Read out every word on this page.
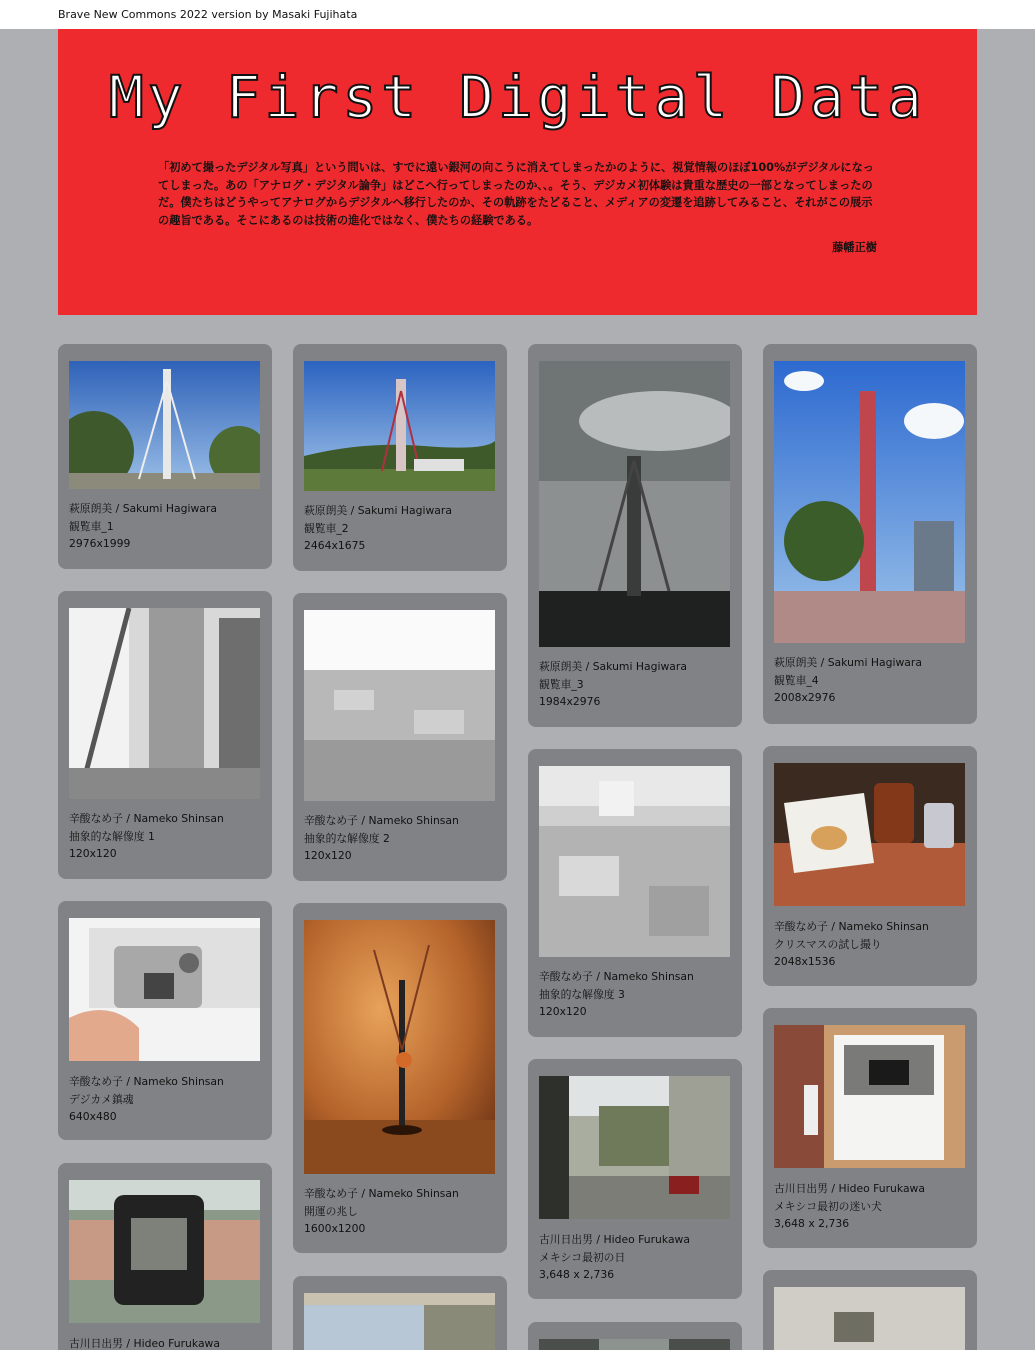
Brave New Commons 2022 version by Masaki Fujihata
My First Digital Data

「初めて撮ったデジタル写真」という問いは、すでに遠い銀河の向こうに消えてしまったかのように、視覚情報のほぼ100%がデジタルになってしまった。あの「アナログ・デジタル論争」はどこへ行ってしまったのか、、。そう、デジカメ初体験は貴重な歴史の一部となってしまったのだ。僕たちはどうやってアナログからデジタルへ移行したのか、その軌跡をたどること、メディアの変遷を追跡してみること、それがこの展示の趣旨である。そこにあるのは技術の進化ではなく、僕たちの経験である。

藤幡正樹
萩原朗美 / Sakumi Hagiwara
観覧車_1
2976x1999
辛酸なめ子 / Nameko Shinsan
抽象的な解像度 1
120x120
辛酸なめ子 / Nameko Shinsan
デジカメ鎮魂
640x480
古川日出男 / Hideo Furukawa
萩原朗美 / Sakumi Hagiwara
観覧車_2
2464x1675
辛酸なめ子 / Nameko Shinsan
抽象的な解像度 2
120x120
辛酸なめ子 / Nameko Shinsan
開運の兆し
1600x1200
萩原朗美 / Sakumi Hagiwara
観覧車_3
1984x2976
辛酸なめ子 / Nameko Shinsan
抽象的な解像度 3
120x120
古川日出男 / Hideo Furukawa
メキシコ最初の日
3,648 x 2,736
萩原朗美 / Sakumi Hagiwara
観覧車_4
2008x2976
辛酸なめ子 / Nameko Shinsan
クリスマスの試し撮り
2048x1536
古川日出男 / Hideo Furukawa
メキシコ最初の迷い犬
3,648 x 2,736
